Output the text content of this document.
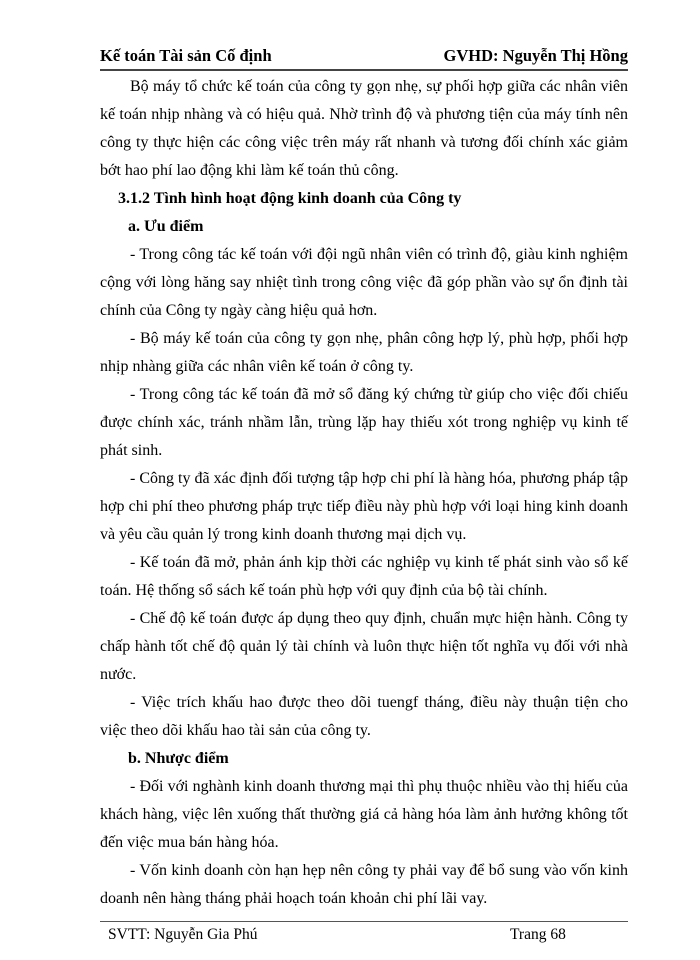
Kế toán Tài sản Cố định	GVHD: Nguyễn Thị Hồng

Bộ máy tổ chức kế toán của công ty gọn nhẹ, sự phối hợp giữa các nhân viên kế toán nhịp nhàng và có hiệu quả. Nhờ trình độ và phương tiện của máy tính nên công ty thực hiện các công việc trên máy rất nhanh và tương đối chính xác giảm bớt hao phí lao động khi làm kế toán thủ công.

3.1.2 Tình hình hoạt động kinh doanh của Công ty

a. Ưu điểm

- Trong công tác kế toán với đội ngũ nhân viên có trình độ, giàu kinh nghiệm cộng với lòng hăng say nhiệt tình trong công việc đã góp phần vào sự ổn định tài chính của Công ty ngày càng hiệu quả hơn.

- Bộ máy kế toán của công ty gọn nhẹ, phân công hợp lý, phù hợp, phối hợp nhịp nhàng giữa các nhân viên kế toán ở công ty.

- Trong công tác kế toán đã mở sổ đăng ký chứng từ giúp cho việc đối chiếu được chính xác, tránh nhầm lẫn, trùng lặp hay thiếu xót trong nghiệp vụ kinh tế phát sinh.

- Công ty đã xác định đối tượng tập hợp chi phí là hàng hóa, phương pháp tập hợp chi phí theo phương pháp trực tiếp điều này phù hợp với loại hing kinh doanh và yêu cầu quản lý trong kinh doanh thương mại dịch vụ.

- Kế toán đã mở, phản ánh kịp thời các nghiệp vụ kinh tế phát sinh vào sổ kế toán. Hệ thống sổ sách kế toán phù hợp với quy định của bộ tài chính.

- Chế độ kế toán được áp dụng theo quy định, chuẩn mực hiện hành. Công ty chấp hành tốt chế độ quản lý tài chính và luôn thực hiện tốt nghĩa vụ đối với nhà nước.

- Việc trích khấu hao được theo dõi tuengf tháng, điều này thuận tiện cho việc theo dõi khấu hao tài sản của công ty.

b. Nhược điểm

- Đối với nghành kinh doanh thương mại thì phụ thuộc nhiều vào thị hiếu của khách hàng, việc lên xuống thất thường giá cả hàng hóa làm ảnh hưởng không tốt đến việc mua bán hàng hóa.

- Vốn kinh doanh còn hạn hẹp nên công ty phải vay để bổ sung vào vốn kinh doanh nên hàng tháng phải hoạch toán khoản chi phí lãi vay.

SVTT: Nguyễn Gia Phú	Trang 68
